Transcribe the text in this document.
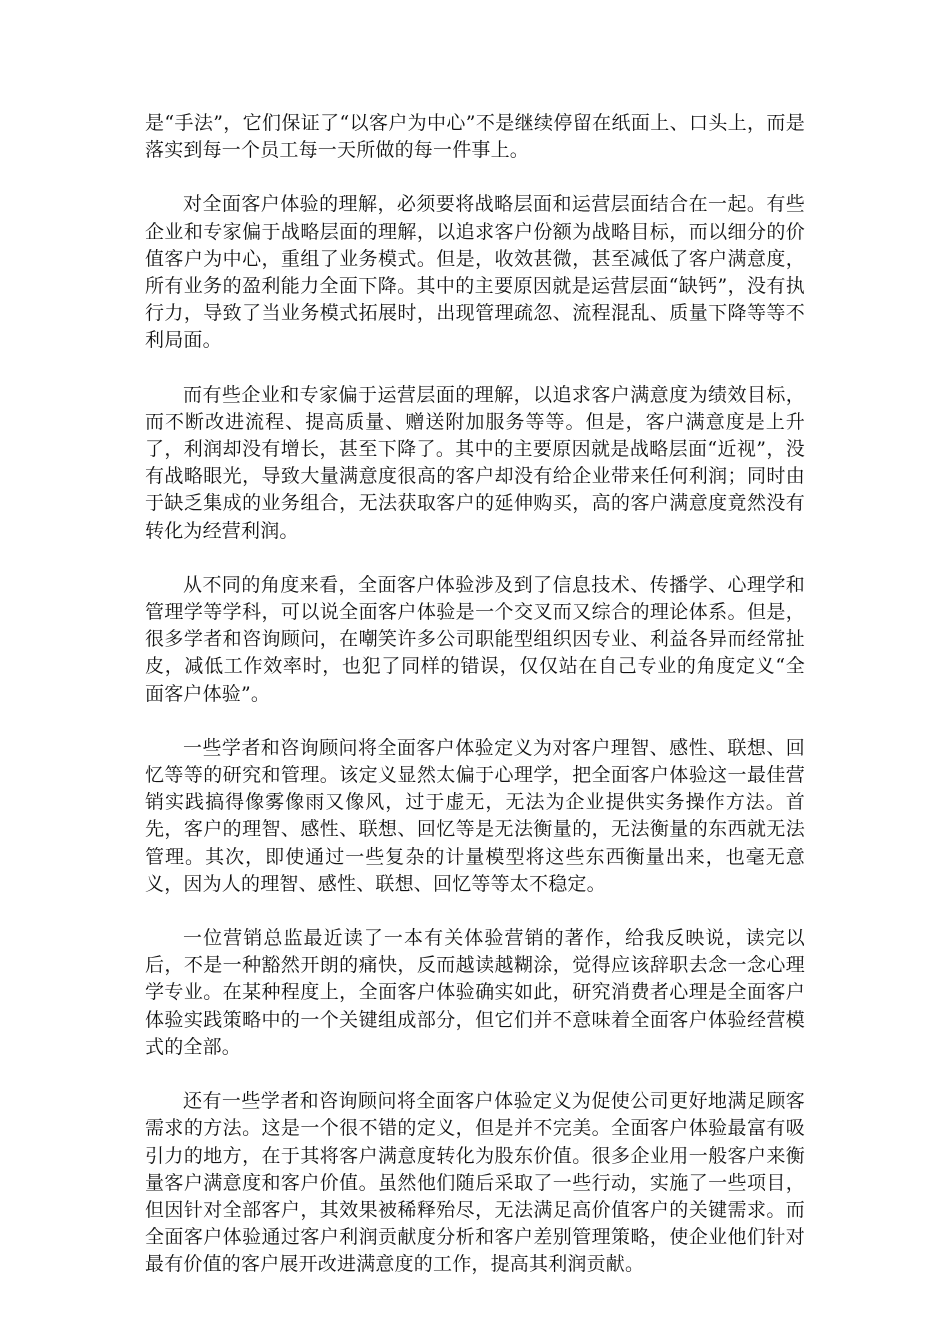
是“手法”，它们保证了“以客户为中心”不是继续停留在纸面上、口头上，而是落实到每一个员工每一天所做的每一件事上。

对全面客户体验的理解，必须要将战略层面和运营层面结合在一起。有些企业和专家偏于战略层面的理解，以追求客户份额为战略目标，而以细分的价值客户为中心，重组了业务模式。但是，收效甚微，甚至减低了客户满意度，所有业务的盈利能力全面下降。其中的主要原因就是运营层面“缺钙”，没有执行力，导致了当业务模式拓展时，出现管理疏忽、流程混乱、质量下降等等不利局面。

而有些企业和专家偏于运营层面的理解，以追求客户满意度为绩效目标，而不断改进流程、提高质量、赠送附加服务等等。但是，客户满意度是上升了，利润却没有增长，甚至下降了。其中的主要原因就是战略层面“近视”，没有战略眼光，导致大量满意度很高的客户却没有给企业带来任何利润；同时由于缺乏集成的业务组合，无法获取客户的延伸购买，高的客户满意度竟然没有转化为经营利润。

从不同的角度来看，全面客户体验涉及到了信息技术、传播学、心理学和管理学等学科，可以说全面客户体验是一个交叉而又综合的理论体系。但是，很多学者和咨询顾问，在嘲笑许多公司职能型组织因专业、利益各异而经常扯皮，减低工作效率时，也犯了同样的错误，仅仅站在自己专业的角度定义“全面客户体验”。

一些学者和咨询顾问将全面客户体验定义为对客户理智、感性、联想、回忆等等的研究和管理。该定义显然太偏于心理学，把全面客户体验这一最佳营销实践搞得像雾像雨又像风，过于虚无，无法为企业提供实务操作方法。首先，客户的理智、感性、联想、回忆等是无法衡量的，无法衡量的东西就无法管理。其次，即使通过一些复杂的计量模型将这些东西衡量出来，也毫无意义，因为人的理智、感性、联想、回忆等等太不稳定。

一位营销总监最近读了一本有关体验营销的著作，给我反映说，读完以后，不是一种豁然开朗的痛快，反而越读越糊涂，觉得应该辞职去念一念心理学专业。在某种程度上，全面客户体验确实如此，研究消费者心理是全面客户体验实践策略中的一个关键组成部分，但它们并不意味着全面客户体验经营模式的全部。

还有一些学者和咨询顾问将全面客户体验定义为促使公司更好地满足顾客需求的方法。这是一个很不错的定义，但是并不完美。全面客户体验最富有吸引力的地方，在于其将客户满意度转化为股东价值。很多企业用一般客户来衡量客户满意度和客户价值。虽然他们随后采取了一些行动，实施了一些项目，但因针对全部客户，其效果被稀释殆尽，无法满足高价值客户的关键需求。而全面客户体验通过客户利润贡献度分析和客户差别管理策略，使企业他们针对最有价值的客户展开改进满意度的工作，提高其利润贡献。
